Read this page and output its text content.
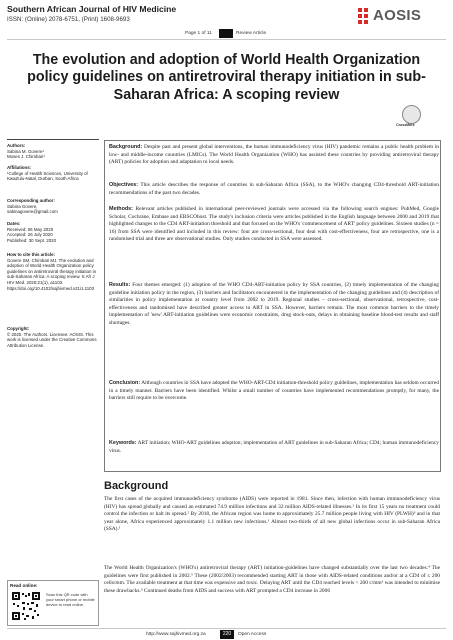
Southern African Journal of HIV Medicine
ISSN: (Online) 2078-6751, (Print) 1608-9693	AOSIS
Page 1 of 11	Review Article
The evolution and adoption of World Health Organization policy guidelines on antiretroviral therapy initiation in sub-Saharan Africa: A scoping review
CrossMark
Authors:
Sabina M. Govere¹
Moses J. Chimbari¹
Affiliations:
¹College of Health Sciences, University of KwaZulu-Natal, Durban, South Africa
Corresponding author:
Sabina Govere,
sabinagovere@gmail.com
Dates:
Received: 06 May 2020
Accepted: 26 July 2020
Published: 30 Sept. 2020
How to cite this article:
Govere SM, Chimbari MJ. The evolution and adoption of World Health Organization policy guidelines on antiretroviral therapy initiation in sub-Saharan Africa: A scoping review. S Afr J HIV Med. 2020;21(1), a1103. https://doi.org/10.4102/sajhivmed.v21i1.1103
Copyright:
© 2020. The Authors. Licensee: AOSIS. This work is licensed under the Creative Commons Attribution License.

Background: Despite past and present global interventions, the human immunodeficiency virus (HIV) pandemic remains a public health problem in low- and middle-income countries (LMICs). The World Health Organization (WHO) has assisted these countries by providing antiretroviral therapy (ART) policies for adoption and adaptation to local needs.

Objectives: This article describes the response of countries in sub-Saharan Africa (SSA), to the WHO's changing CD4-threshold ART-initiation recommendations of the past two decades.

Methods: Relevant articles published in international peer-reviewed journals were accessed via the following search engines: PubMed, Google Scholar, Cochrane, Embase and EBSCOhost. The study's inclusion criteria were articles published in the English language between 2000 and 2019 that highlighted changes to the CD4 ART-initiation threshold and that focused on the WHO's 'commencement of ART' policy guidelines. Sixteen studies (n = 16) from SSA were identified and included in this review: four are cross-sectional, four deal with cost-effectiveness, four are retrospective, one is a randomised trial and three are observational studies. Only studies conducted in SSA were assessed.

Results: Four themes emerged: (1) adoption of the WHO CD4-ART-initiation policy by SSA countries, (2) timely implementation of the changing guideline initiation policy in the region, (3) barriers and facilitators encountered in the implementation of the changing guidelines and (4) description of similarities in policy implementation at country level from 2002 to 2019. Regional studies – cross-sectional, observational, retrospective, cost-effectiveness and randomised have described greater access to ART in SSA. However, barriers remain. The most common barriers to the timely implementation of 'new' ART-initiation guidelines were economic constraints, drug stock-outs, delays in obtaining baseline blood-test results and staff shortages.

Conclusion: Although countries in SSA have adopted the WHO-ART-CD4 initiation-threshold policy guidelines, implementation has seldom occurred in a timely manner. Barriers have been identified. Whilst a small number of countries have implemented recommendations promptly, for many, the barriers still require to be overcome.

Keywords: ART initiation; WHO-ART guidelines adoption; implementation of ART guidelines in sub-Saharan Africa; CD4; human immunodeficiency virus.

Background

The first cases of the acquired immunodeficiency syndrome (AIDS) were reported in 1981. Since then, infection with human immunodeficiency virus (HIV) has spread globally and caused an estimated 74.9 million infections and 32 million AIDS-related illnesses.¹ In its first 15 years no treatment could control the infection or halt its spread.² By 2018, the African region was home to approximately 25.7 million people living with HIV (PLWH)³ and in that year alone, Africa experienced approximately 1.1 million new infections.¹ Almost two-thirds of all new global infections occur in sub-Saharan Africa (SSA).¹

The World Health Organization's (WHO's) antiretroviral therapy (ART) initiation-guidelines have changed substantially over the last two decades.⁴ The guidelines were first published in 2002.⁵ These (2002/2003) recommended starting ART in those with AIDS-related conditions and/or at a CD4 of ≤ 200 cells/mm. The available treatment at that time was expensive and toxic. Delaying ART until the CD4 reached levels < 200 c/mm³ was intended to minimise these drawbacks.⁵ Continued deaths from AIDS and success with ART prompted a CD4 increase in 2006

Read online:
Scan this QR code with your smart phone or mobile device to read online.
http://www.sajhivmed.org.za	220	Open Access
